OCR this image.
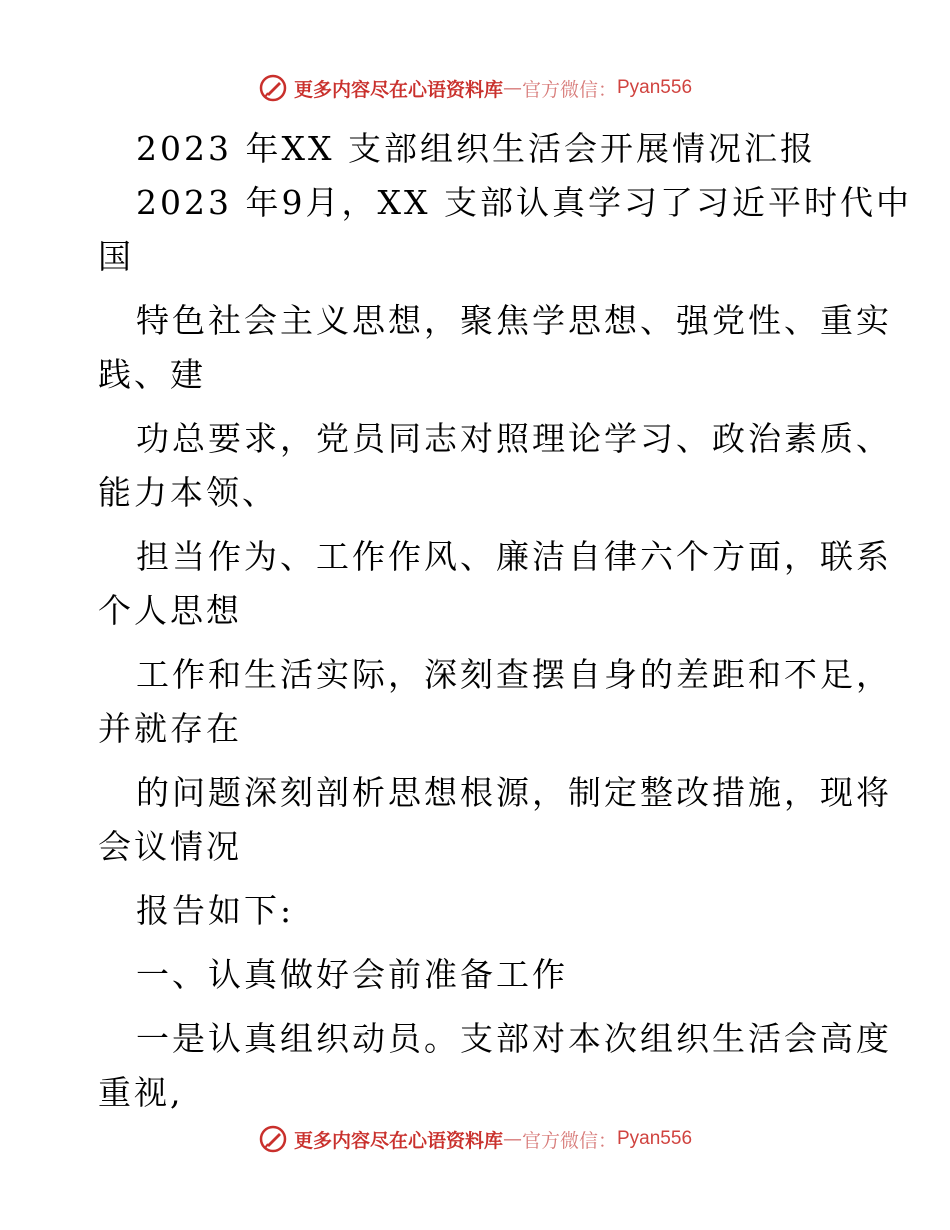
更多内容尽在心语资料库 — 官方微信： Pyan556
2023 年XX 支部组织生活会开展情况汇报
2023 年9月，XX 支部认真学习了习近平时代中
国
特色社会主义思想，聚焦学思想、强党性、重实
践、建
功总要求，党员同志对照理论学习、政治素质、
能力本领、
担当作为、工作作风、廉洁自律六个方面，联系
个人思想
工作和生活实际，深刻查摆自身的差距和不足，
并就存在
的问题深刻剖析思想根源，制定整改措施，现将
会议情况
报告如下:
一、认真做好会前准备工作
一是认真组织动员。支部对本次组织生活会高度
重视,
更多内容尽在心语资料库 — 官方微信： Pyan556
